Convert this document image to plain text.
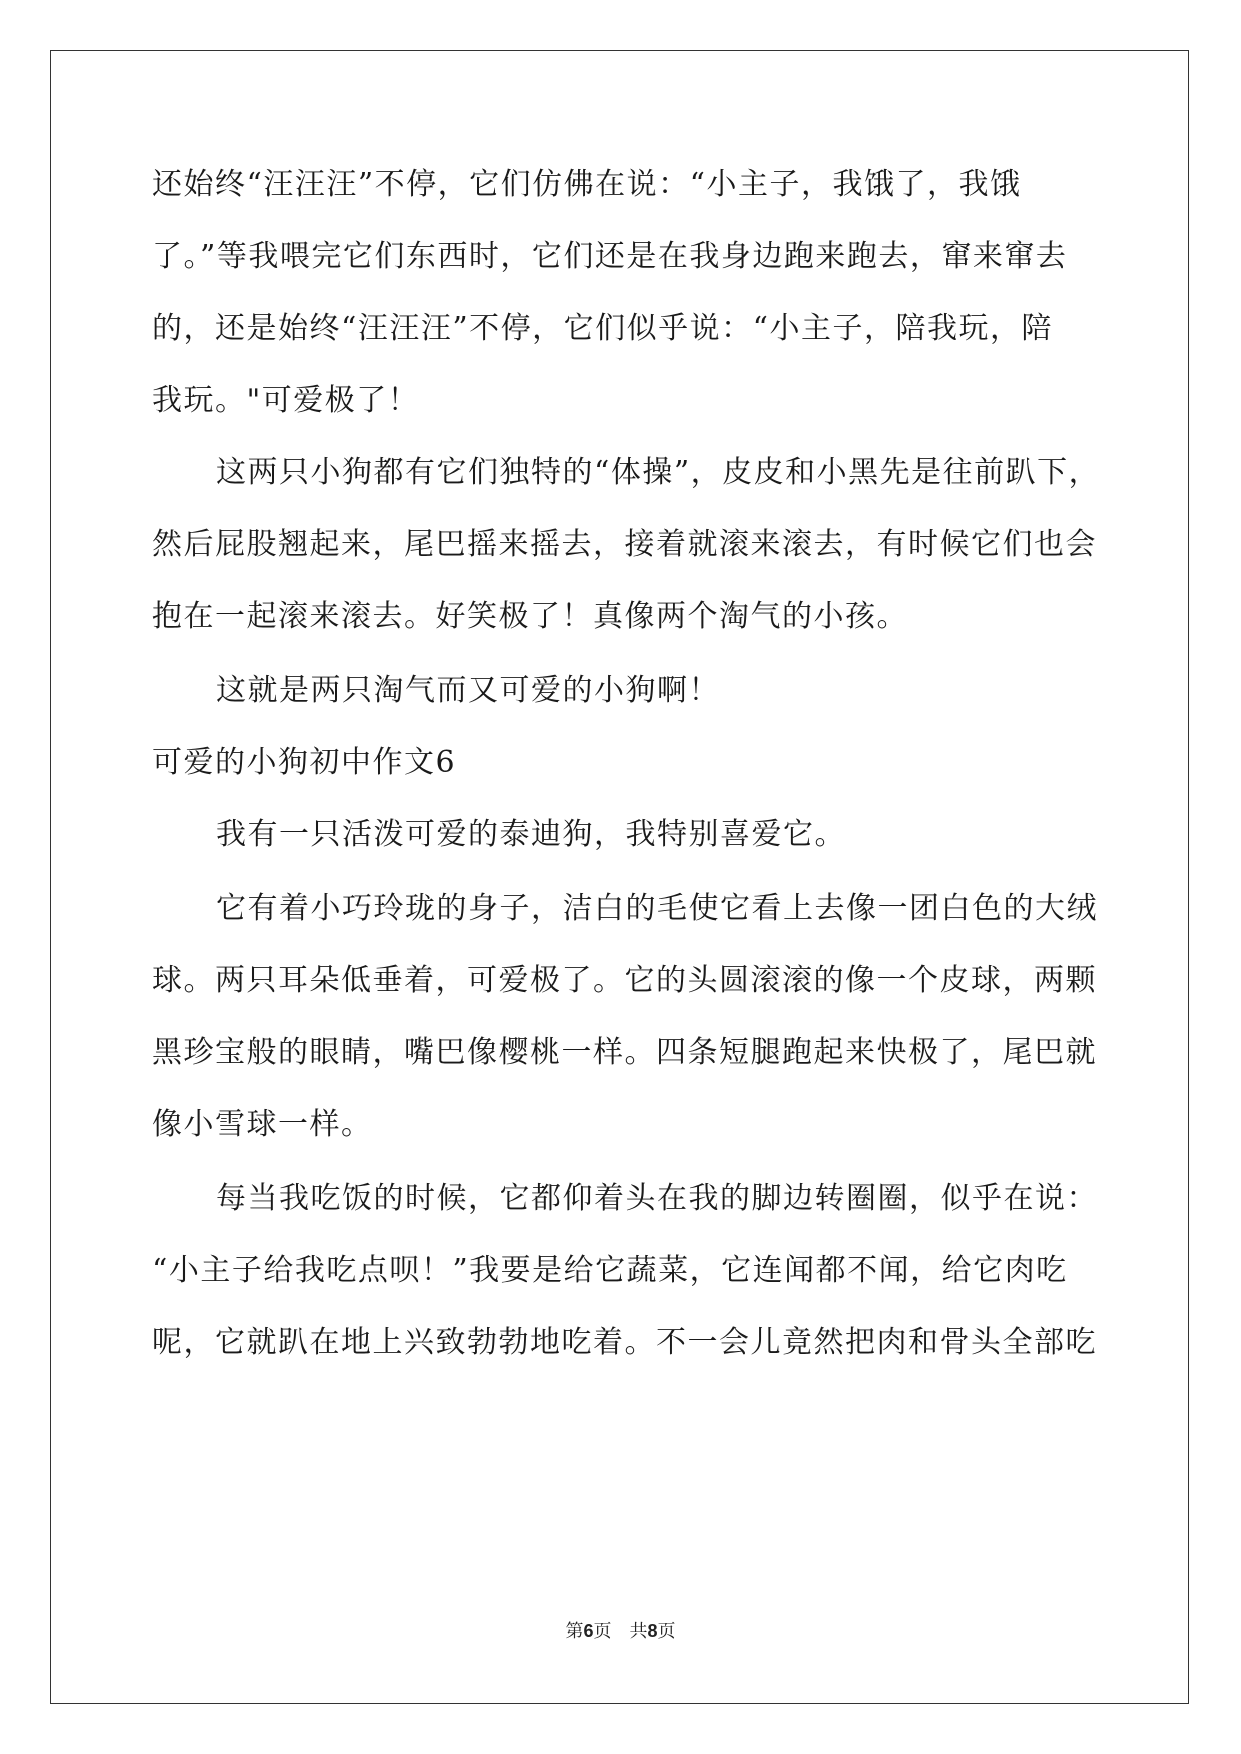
还始终“汪汪汪”不停，它们仿佛在说：“小主子，我饿了，我饿
了。”等我喂完它们东西时，它们还是在我身边跑来跑去，窜来窜去
的，还是始终“汪汪汪”不停，它们似乎说：“小主子，陪我玩，陪
我玩。"可爱极了！
这两只小狗都有它们独特的“体操”，皮皮和小黑先是往前趴下，
然后屁股翘起来，尾巴摇来摇去，接着就滚来滚去，有时候它们也会
抱在一起滚来滚去。好笑极了！真像两个淘气的小孩。
这就是两只淘气而又可爱的小狗啊！
可爱的小狗初中作文6
我有一只活泼可爱的泰迪狗，我特别喜爱它。
它有着小巧玲珑的身子，洁白的毛使它看上去像一团白色的大绒
球。两只耳朵低垂着，可爱极了。它的头圆滚滚的像一个皮球，两颗
黑珍宝般的眼睛，嘴巴像樱桃一样。四条短腿跑起来快极了，尾巴就
像小雪球一样。
每当我吃饭的时候，它都仰着头在我的脚边转圈圈，似乎在说：
“小主子给我吃点呗！”我要是给它蔬菜，它连闻都不闻，给它肉吃
呢，它就趴在地上兴致勃勃地吃着。不一会儿竟然把肉和骨头全部吃
第6页　共8页
